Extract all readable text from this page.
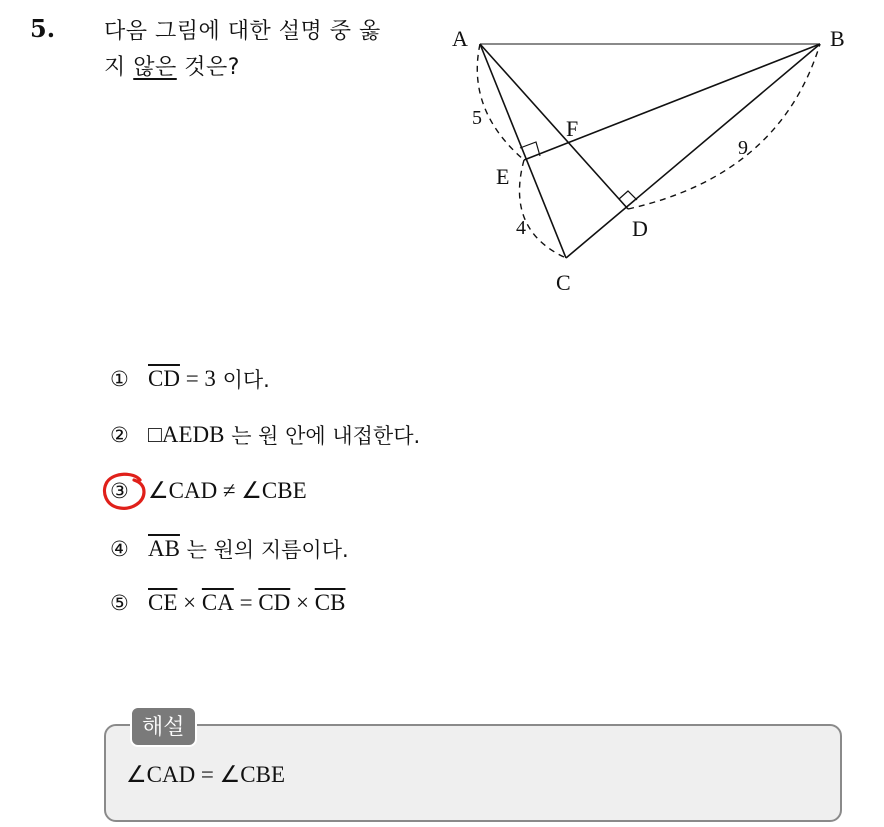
5. 다음 그림에 대한 설명 중 옳
지 않은 것은?
A	B
C
D
E
F
5
4
9
① $\overline{CD} = 3$ 이다.
② □AEDB 는 원 안에 내접한다.
③ ∠CAD ≠ ∠CBE
④ $\overline{AB}$ 는 원의 지름이다.
⑤ $\overline{CE} \times \overline{CA} = \overline{CD} \times \overline{CB}$
해설
∠CAD = ∠CBE
